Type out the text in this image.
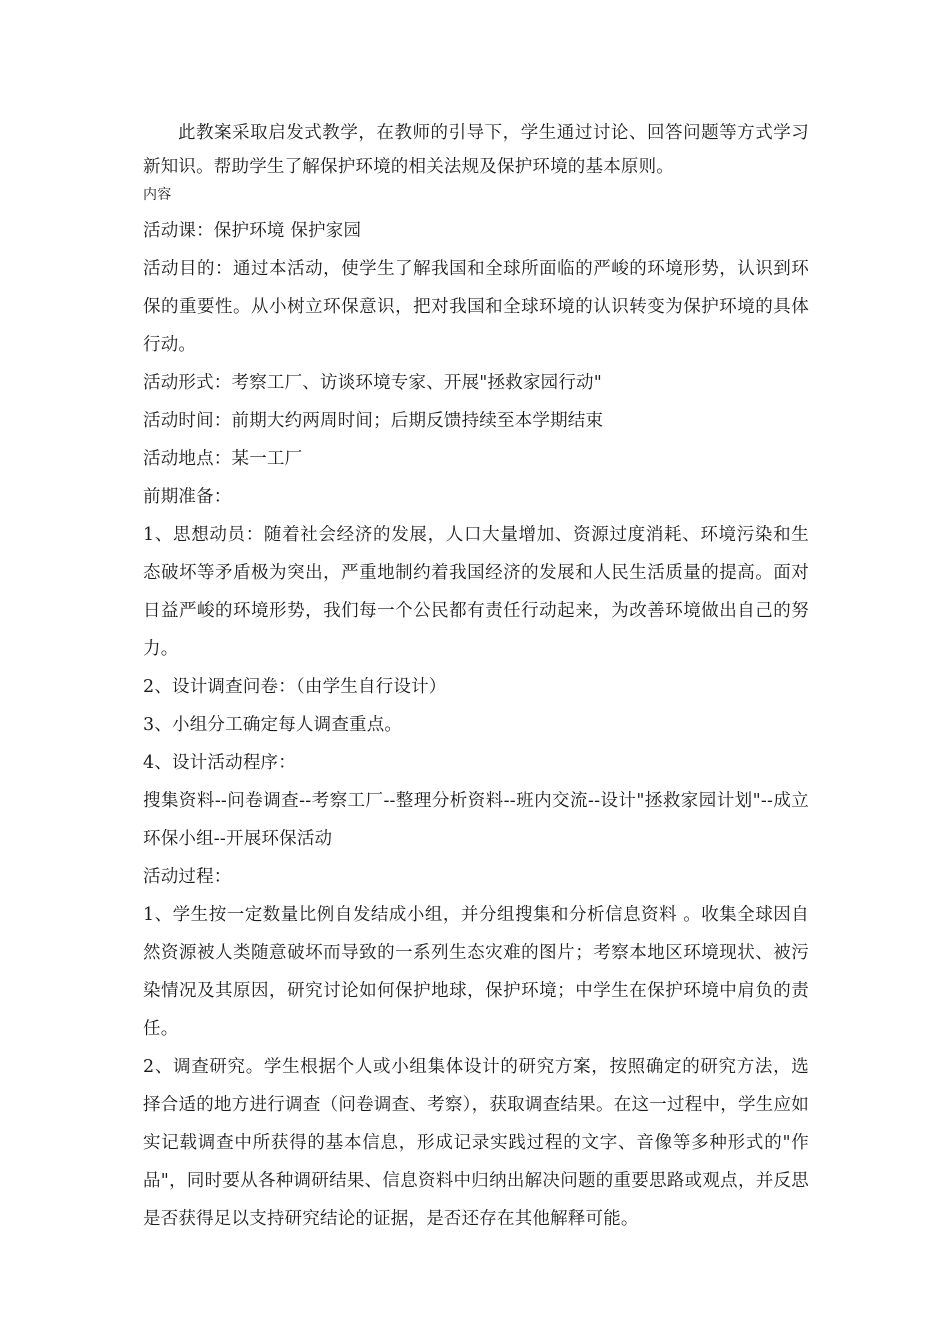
此教案采取启发式教学，在教师的引导下，学生通过讨论、回答问题等方式学习新知识。帮助学生了解保护环境的相关法规及保护环境的基本原则。

内容

活动课：保护环境 保护家园

活动目的：通过本活动，使学生了解我国和全球所面临的严峻的环境形势，认识到环保的重要性。从小树立环保意识，把对我国和全球环境的认识转变为保护环境的具体行动。

活动形式：考察工厂、访谈环境专家、开展"拯救家园行动"

活动时间：前期大约两周时间；后期反馈持续至本学期结束

活动地点：某一工厂

前期准备：

1、思想动员：随着社会经济的发展，人口大量增加、资源过度消耗、环境污染和生态破坏等矛盾极为突出，严重地制约着我国经济的发展和人民生活质量的提高。面对日益严峻的环境形势，我们每一个公民都有责任行动起来，为改善环境做出自己的努力。

2、设计调查问卷：（由学生自行设计）

3、小组分工确定每人调查重点。

4、设计活动程序：

搜集资料--问卷调查--考察工厂--整理分析资料--班内交流--设计"拯救家园计划"--成立环保小组--开展环保活动

活动过程：

1、学生按一定数量比例自发结成小组，并分组搜集和分析信息资料 。收集全球因自然资源被人类随意破坏而导致的一系列生态灾难的图片；考察本地区环境现状、被污染情况及其原因，研究讨论如何保护地球，保护环境；中学生在保护环境中肩负的责任。

2、调查研究。学生根据个人或小组集体设计的研究方案，按照确定的研究方法，选择合适的地方进行调查（问卷调查、考察），获取调查结果。在这一过程中，学生应如实记载调查中所获得的基本信息，形成记录实践过程的文字、音像等多种形式的"作品"，同时要从各种调研结果、信息资料中归纳出解决问题的重要思路或观点，并反思是否获得足以支持研究结论的证据，是否还存在其他解释可能。
